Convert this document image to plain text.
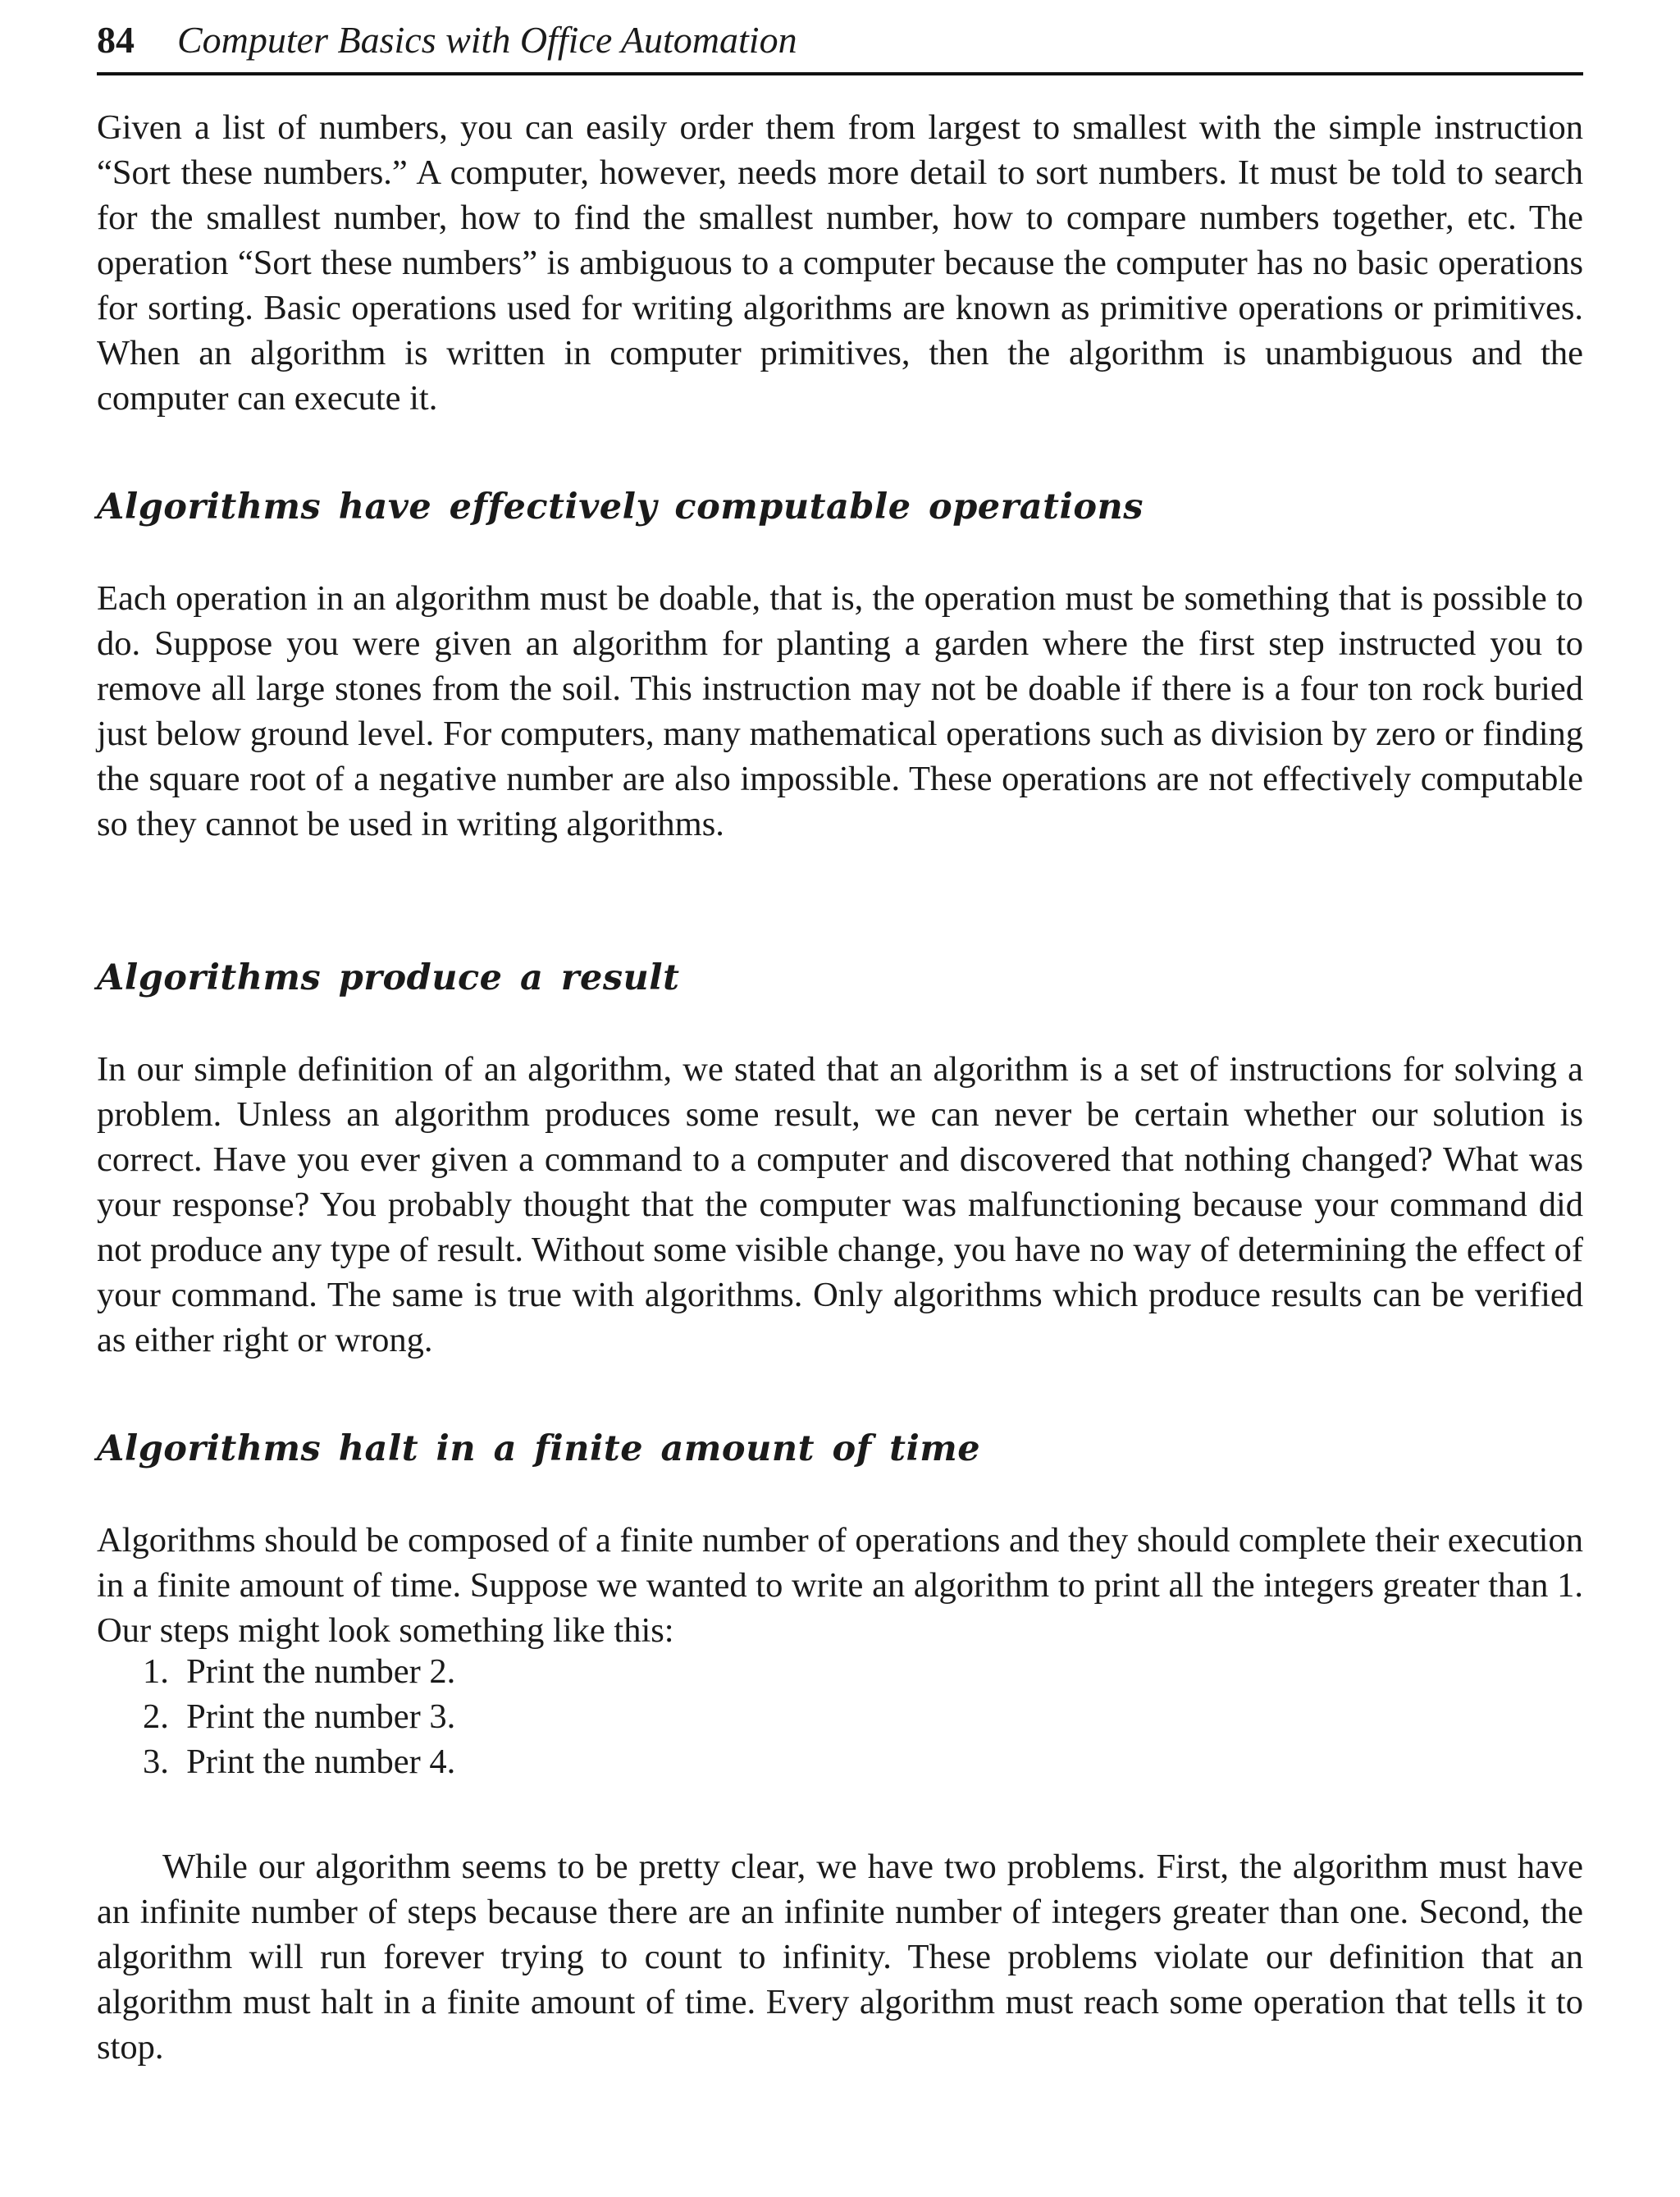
84 Computer Basics with Office Automation

Given a list of numbers, you can easily order them from largest to smallest with the simple instruction “Sort these numbers.” A computer, however, needs more detail to sort numbers. It must be told to search for the smallest number, how to find the smallest number, how to compare numbers together, etc. The operation “Sort these numbers” is ambiguous to a computer because the computer has no basic operations for sorting. Basic operations used for writing algorithms are known as primitive operations or primitives. When an algorithm is written in computer primitives, then the algorithm is unambiguous and the computer can execute it.

Algorithms have effectively computable operations

Each operation in an algorithm must be doable, that is, the operation must be something that is possible to do. Suppose you were given an algorithm for planting a garden where the first step instructed you to remove all large stones from the soil. This instruction may not be doable if there is a four ton rock buried just below ground level. For computers, many mathematical operations such as division by zero or finding the square root of a negative number are also impossible. These operations are not effectively computable so they cannot be used in writing algorithms.

Algorithms produce a result

In our simple definition of an algorithm, we stated that an algorithm is a set of instructions for solving a problem. Unless an algorithm produces some result, we can never be certain whether our solution is correct. Have you ever given a command to a computer and discovered that nothing changed? What was your response? You probably thought that the computer was malfunctioning because your command did not produce any type of result. Without some visible change, you have no way of determining the effect of your command. The same is true with algorithms. Only algorithms which produce results can be verified as either right or wrong.

Algorithms halt in a finite amount of time

Algorithms should be composed of a finite number of operations and they should complete their execution in a finite amount of time. Suppose we wanted to write an algorithm to print all the integers greater than 1. Our steps might look something like this:

1.  Print the number 2.
2.  Print the number 3.
3.  Print the number 4.

While our algorithm seems to be pretty clear, we have two problems. First, the algorithm must have an infinite number of steps because there are an infinite number of integers greater than one. Second, the algorithm will run forever trying to count to infinity. These problems violate our definition that an algorithm must halt in a finite amount of time. Every algorithm must reach some operation that tells it to stop.
